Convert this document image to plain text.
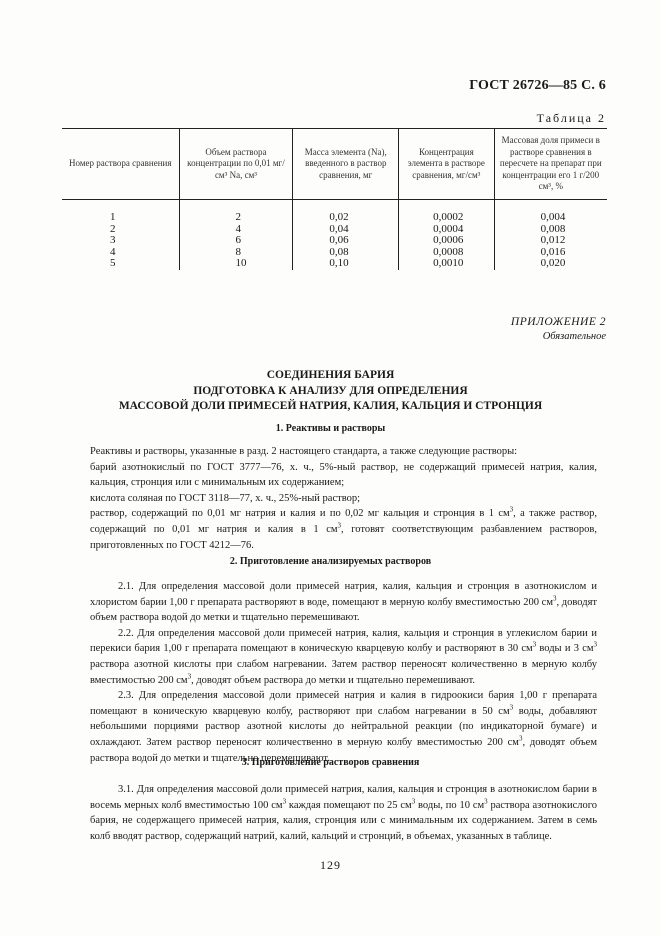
ГОСТ 26726—85 С. 6
Таблица 2
Номер раствора сравнения	Объем раствора концентрации по 0,01 мг/см³ Na, см³	Масса элемента (Na), введенного в раствор сравнения, мг	Концентрация элемента в растворе сравнения, мг/см³	Массовая доля примеси в растворе сравнения в пересчете на препарат при концентрации его 1 г/200 см³, %

1	2	0,02	0,0002	0,004
2	4	0,04	0,0004	0,008
3	6	0,06	0,0006	0,012
4	8	0,08	0,0008	0,016
5	10	0,10	0,0010	0,020
ПРИЛОЖЕНИЕ 2
Обязательное
СОЕДИНЕНИЯ БАРИЯ
ПОДГОТОВКА К АНАЛИЗУ ДЛЯ ОПРЕДЕЛЕНИЯ
МАССОВОЙ ДОЛИ ПРИМЕСЕЙ НАТРИЯ, КАЛИЯ, КАЛЬЦИЯ И СТРОНЦИЯ
1. Реактивы и растворы

Реактивы и растворы, указанные в разд. 2 настоящего стандарта, а также следующие растворы:

барий азотнокислый по ГОСТ 3777—76, х. ч., 5%-ный раствор, не содержащий примесей натрия, калия, кальция, стронция или с минимальным их содержанием;

кислота соляная по ГОСТ 3118—77, х. ч., 25%-ный раствор;

раствор, содержащий по 0,01 мг натрия и калия и по 0,02 мг кальция и стронция в 1 $см^3$, а также раствор, содержащий по 0,01 мг натрия и калия в 1 $см^3$, готовят соответствующим разбавлением растворов, приготовленных по ГОСТ 4212—76.

2. Приготовление анализируемых растворов

2.1. Для определения массовой доли примесей натрия, калия, кальция и стронция в азотнокислом и хлористом барии 1,00 г препарата растворяют в воде, помещают в мерную колбу вместимостью 200 $см^3$, доводят объем раствора водой до метки и тщательно перемешивают.

2.2. Для определения массовой доли примесей натрия, калия, кальция и стронция в углекислом барии и перекиси бария 1,00 г препарата помещают в коническую кварцевую колбу и растворяют в 30 $см^3$ воды и 3 $см^3$ раствора азотной кислоты при слабом нагревании. Затем раствор переносят количественно в мерную колбу вместимостью 200 $см^3$, доводят объем раствора до метки и тщательно перемешивают.

2.3. Для определения массовой доли примесей натрия и калия в гидроокиси бария 1,00 г препарата помещают в коническую кварцевую колбу, растворяют при слабом нагревании в 50 $см^3$ воды, добавляют небольшими порциями раствор азотной кислоты до нейтральной реакции (по индикаторной бумаге) и охлаждают. Затем раствор переносят количественно в мерную колбу вместимостью 200 $см^3$, доводят объем раствора водой до метки и тщательно перемешивают.

3. Приготовление растворов сравнения

3.1. Для определения массовой доли примесей натрия, калия, кальция и стронция в азотнокислом барии в восемь мерных колб вместимостью 100 $см^3$ каждая помещают по 25 $см^3$ воды, по 10 $см^3$ раствора азотнокислого бария, не содержащего примесей натрия, калия, стронция или с минимальным их содержанием. Затем в семь колб вводят раствор, содержащий натрий, калий, кальций и стронций, в объемах, указанных в таблице.

129
